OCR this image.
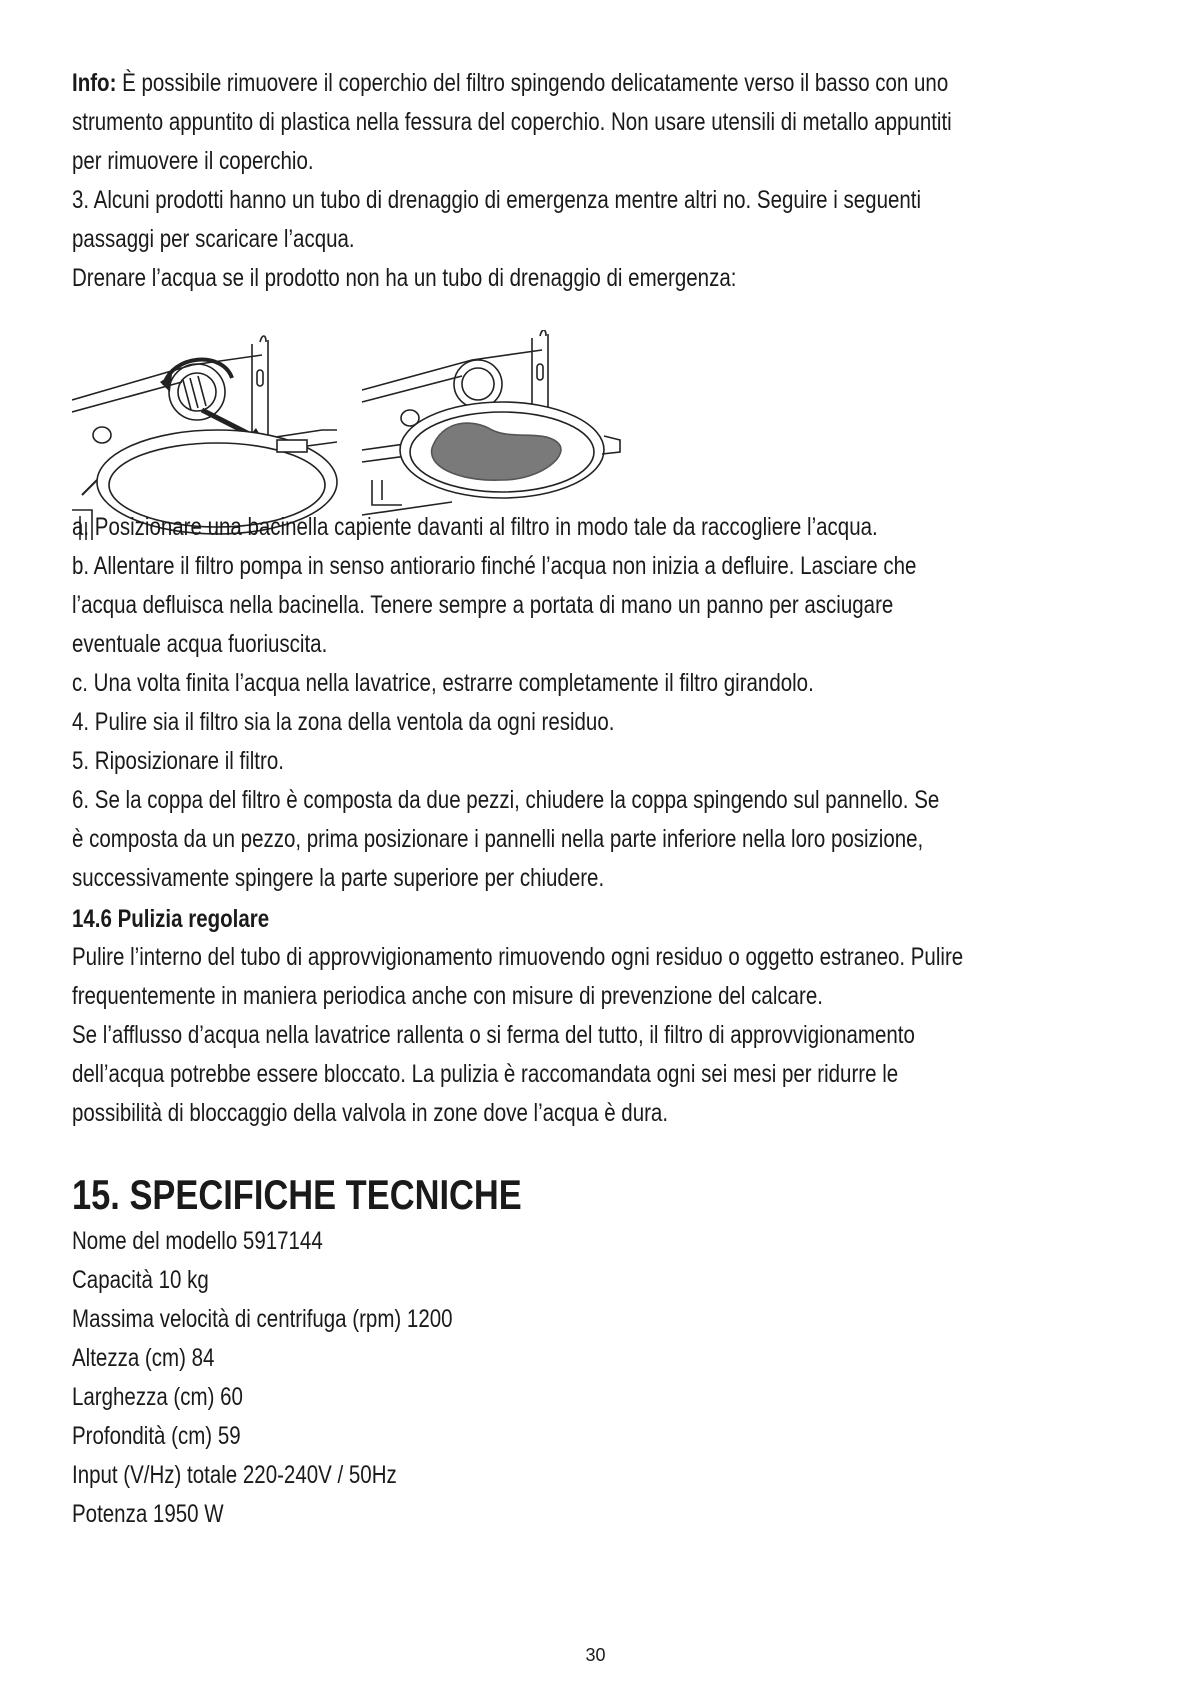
Info: È possibile rimuovere il coperchio del filtro spingendo delicatamente verso il basso con uno
strumento appuntito di plastica nella fessura del coperchio. Non usare utensili di metallo appuntiti
per rimuovere il coperchio.
3. Alcuni prodotti hanno un tubo di drenaggio di emergenza mentre altri no. Seguire i seguenti
passaggi per scaricare l’acqua.
Drenare l’acqua se il prodotto non ha un tubo di drenaggio di emergenza:
a. Posizionare una bacinella capiente davanti al filtro in modo tale da raccogliere l’acqua.
b. Allentare il filtro pompa in senso antiorario finché l’acqua non inizia a defluire. Lasciare che
l’acqua defluisca nella bacinella. Tenere sempre a portata di mano un panno per asciugare
eventuale acqua fuoriuscita.
c. Una volta finita l’acqua nella lavatrice, estrarre completamente il filtro girandolo.
4. Pulire sia il filtro sia la zona della ventola da ogni residuo.
5. Riposizionare il filtro.
6. Se la coppa del filtro è composta da due pezzi, chiudere la coppa spingendo sul pannello. Se
è composta da un pezzo, prima posizionare i pannelli nella parte inferiore nella loro posizione,
successivamente spingere la parte superiore per chiudere.
14.6 Pulizia regolare
Pulire l’interno del tubo di approvvigionamento rimuovendo ogni residuo o oggetto estraneo. Pulire
frequentemente in maniera periodica anche con misure di prevenzione del calcare.
Se l’afflusso d’acqua nella lavatrice rallenta o si ferma del tutto, il filtro di approvvigionamento
dell’acqua potrebbe essere bloccato. La pulizia è raccomandata ogni sei mesi per ridurre le
possibilità di bloccaggio della valvola in zone dove l’acqua è dura.
15. SPECIFICHE TECNICHE
Nome del modello 5917144
Capacità 10 kg
Massima velocità di centrifuga (rpm) 1200
Altezza (cm) 84
Larghezza (cm) 60
Profondità (cm) 59
Input (V/Hz) totale 220-240V / 50Hz
Potenza 1950 W
30
